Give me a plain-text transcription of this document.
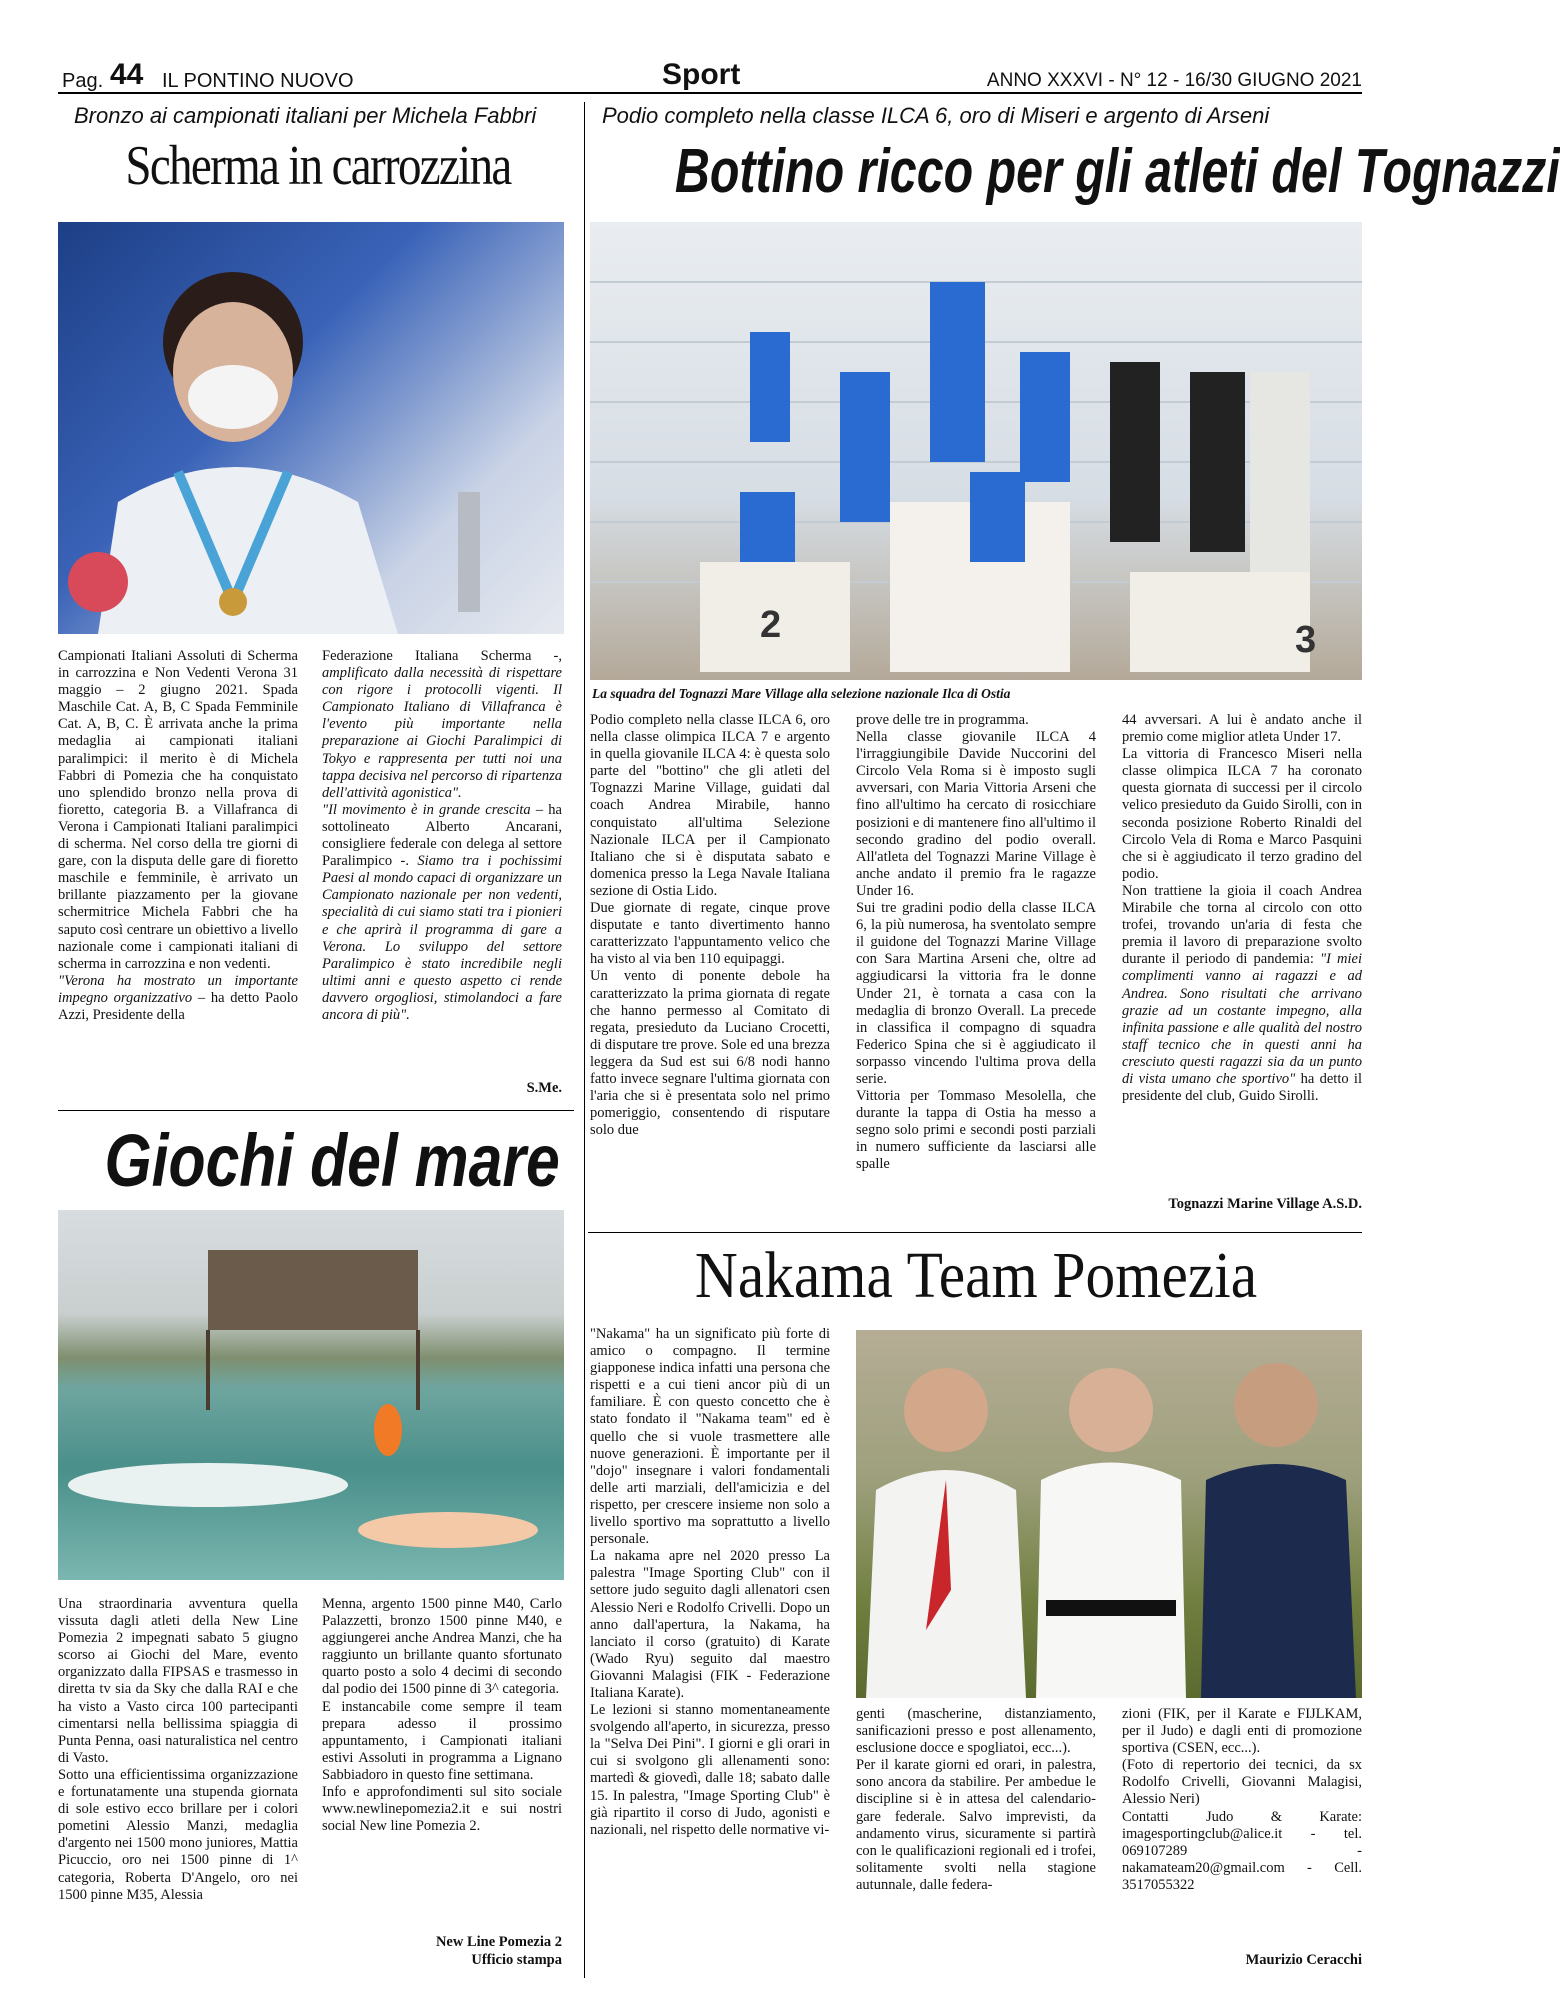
Pag. 44 IL PONTINO NUOVO	Sport	ANNO XXXVI - N° 12 - 16/30 GIUGNO 2021
Bronzo ai campionati italiani per Michela Fabbri
Scherma in carrozzina

Campionati Italiani Assoluti di Scherma in carrozzina e Non Vedenti Verona 31 maggio – 2 giugno 2021. Spada Maschile Cat. A, B, C Spada Femminile Cat. A, B, C. È arrivata anche la prima medaglia ai campionati italiani paralimpici: il merito è di Michela Fabbri di Pomezia che ha conquistato uno splendido bronzo nella prova di fioretto, categoria B. a Villafranca di Verona i Campionati Italiani paralimpici di scherma. Nel corso della tre giorni di gare, con la disputa delle gare di fioretto maschile e femminile, è arrivato un brillante piazzamento per la giovane schermitrice Michela Fabbri che ha saputo così centrare un obiettivo a livello nazionale come i campionati italiani di scherma in carrozzina e non vedenti.

"Verona ha mostrato un importante impegno organizzativo – ha detto Paolo Azzi, Presidente della

Federazione Italiana Scherma -, amplificato dalla necessità di rispettare con rigore i protocolli vigenti. Il Campionato Italiano di Villafranca è l'evento più importante nella preparazione ai Giochi Paralimpici di Tokyo e rappresenta per tutti noi una tappa decisiva nel percorso di ripartenza dell'attività agonistica".

"Il movimento è in grande crescita – ha sottolineato Alberto Ancarani, consigliere federale con delega al settore Paralimpico -. Siamo tra i pochissimi Paesi al mondo capaci di organizzare un Campionato nazionale per non vedenti, specialità di cui siamo stati tra i pionieri e che aprirà il programma di gare a Verona. Lo sviluppo del settore Paralimpico è stato incredibile negli ultimi anni e questo aspetto ci rende davvero orgogliosi, stimolandoci a fare ancora di più".

S.Me.
Giochi del mare

Una straordinaria avventura quella vissuta dagli atleti della New Line Pomezia 2 impegnati sabato 5 giugno scorso ai Giochi del Mare, evento organizzato dalla FIPSAS e trasmesso in diretta tv sia da Sky che dalla RAI e che ha visto a Vasto circa 100 partecipanti cimentarsi nella bellissima spiaggia di Punta Penna, oasi naturalistica nel centro di Vasto.

Sotto una efficientissima organizzazione e fortunatamente una stupenda giornata di sole estivo ecco brillare per i colori pometini Alessio Manzi, medaglia d'argento nei 1500 mono juniores, Mattia Picuccio, oro nei 1500 pinne di 1^ categoria, Roberta D'Angelo, oro nei 1500 pinne M35, Alessia

Menna, argento 1500 pinne M40, Carlo Palazzetti, bronzo 1500 pinne M40, e aggiungerei anche Andrea Manzi, che ha raggiunto un brillante quanto sfortunato quarto posto a solo 4 decimi di secondo dal podio dei 1500 pinne di 3^ categoria.

E instancabile come sempre il team prepara adesso il prossimo appuntamento, i Campionati italiani estivi Assoluti in programma a Lignano Sabbiadoro in questo fine settimana.

Info e approfondimenti sul sito sociale www.newlinepomezia2.it e sui nostri social New line Pomezia 2.

New Line Pomezia 2
Ufficio stampa
Podio completo nella classe ILCA 6, oro di Miseri e argento di Arseni
Bottino ricco per gli atleti del Tognazzi
2	3
La squadra del Tognazzi Mare Village alla selezione nazionale Ilca di Ostia

Podio completo nella classe ILCA 6, oro nella classe olimpica ILCA 7 e argento in quella giovanile ILCA 4: è questa solo parte del "bottino" che gli atleti del Tognazzi Marine Village, guidati dal coach Andrea Mirabile, hanno conquistato all'ultima Selezione Nazionale ILCA per il Campionato Italiano che si è disputata sabato e domenica presso la Lega Navale Italiana sezione di Ostia Lido.

Due giornate di regate, cinque prove disputate e tanto divertimento hanno caratterizzato l'appuntamento velico che ha visto al via ben 110 equipaggi.

Un vento di ponente debole ha caratterizzato la prima giornata di regate che hanno permesso al Comitato di regata, presieduto da Luciano Crocetti, di disputare tre prove. Sole ed una brezza leggera da Sud est sui 6/8 nodi hanno fatto invece segnare l'ultima giornata con l'aria che si è presentata solo nel primo pomeriggio, consentendo di risputare solo due

prove delle tre in programma.

Nella classe giovanile ILCA 4 l'irraggiungibile Davide Nuccorini del Circolo Vela Roma si è imposto sugli avversari, con Maria Vittoria Arseni che fino all'ultimo ha cercato di rosicchiare posizioni e di mantenere fino all'ultimo il secondo gradino del podio overall. All'atleta del Tognazzi Marine Village è anche andato il premio fra le ragazze Under 16.

Sui tre gradini podio della classe ILCA 6, la più numerosa, ha sventolato sempre il guidone del Tognazzi Marine Village con Sara Martina Arseni che, oltre ad aggiudicarsi la vittoria fra le donne Under 21, è tornata a casa con la medaglia di bronzo Overall. La precede in classifica il compagno di squadra Federico Spina che si è aggiudicato il sorpasso vincendo l'ultima prova della serie.

Vittoria per Tommaso Mesolella, che durante la tappa di Ostia ha messo a segno solo primi e secondi posti parziali in numero sufficiente da lasciarsi alle spalle

44 avversari. A lui è andato anche il premio come miglior atleta Under 17.

La vittoria di Francesco Miseri nella classe olimpica ILCA 7 ha coronato questa giornata di successi per il circolo velico presieduto da Guido Sirolli, con in seconda posizione Roberto Rinaldi del Circolo Vela di Roma e Marco Pasquini che si è aggiudicato il terzo gradino del podio.

Non trattiene la gioia il coach Andrea Mirabile che torna al circolo con otto trofei, trovando un'aria di festa che premia il lavoro di preparazione svolto durante il periodo di pandemia: "I miei complimenti vanno ai ragazzi e ad Andrea. Sono risultati che arrivano grazie ad un costante impegno, alla infinita passione e alle qualità del nostro staff tecnico che in questi anni ha cresciuto questi ragazzi sia da un punto di vista umano che sportivo" ha detto il presidente del club, Guido Sirolli.

Tognazzi Marine Village A.S.D.
Nakama Team Pomezia

"Nakama" ha un significato più forte di amico o compagno. Il termine giapponese indica infatti una persona che rispetti e a cui tieni ancor più di un familiare. È con questo concetto che è stato fondato il "Nakama team" ed è quello che si vuole trasmettere alle nuove generazioni. È importante per il "dojo" insegnare i valori fondamentali delle arti marziali, dell'amicizia e del rispetto, per crescere insieme non solo a livello sportivo ma soprattutto a livello personale.

La nakama apre nel 2020 presso La palestra "Image Sporting Club" con il settore judo seguito dagli allenatori csen Alessio Neri e Rodolfo Crivelli. Dopo un anno dall'apertura, la Nakama, ha lanciato il corso (gratuito) di Karate (Wado Ryu) seguito dal maestro Giovanni Malagisi (FIK - Federazione Italiana Karate).

Le lezioni si stanno momentaneamente svolgendo all'aperto, in sicurezza, presso la "Selva Dei Pini". I giorni e gli orari in cui si svolgono gli allenamenti sono: martedì & giovedì, dalle 18; sabato dalle 15. In palestra, "Image Sporting Club" è già ripartito il corso di Judo, agonisti e nazionali, nel rispetto delle normative vi-

genti (mascherine, distanziamento, sanificazioni presso e post allenamento, esclusione docce e spogliatoi, ecc...).

Per il karate giorni ed orari, in palestra, sono ancora da stabilire. Per ambedue le discipline si è in attesa del calendario-gare federale. Salvo imprevisti, da andamento virus, sicuramente si partirà con le qualificazioni regionali ed i trofei, solitamente svolti nella stagione autunnale, dalle federa-

zioni (FIK, per il Karate e FIJLKAM, per il Judo) e dagli enti di promozione sportiva (CSEN, ecc...).

(Foto di repertorio dei tecnici, da sx Rodolfo Crivelli, Giovanni Malagisi, Alessio Neri)

Contatti Judo & Karate: imagesportingclub@alice.it - tel. 069107289 - nakamateam20@gmail.com - Cell. 3517055322

Maurizio Ceracchi
